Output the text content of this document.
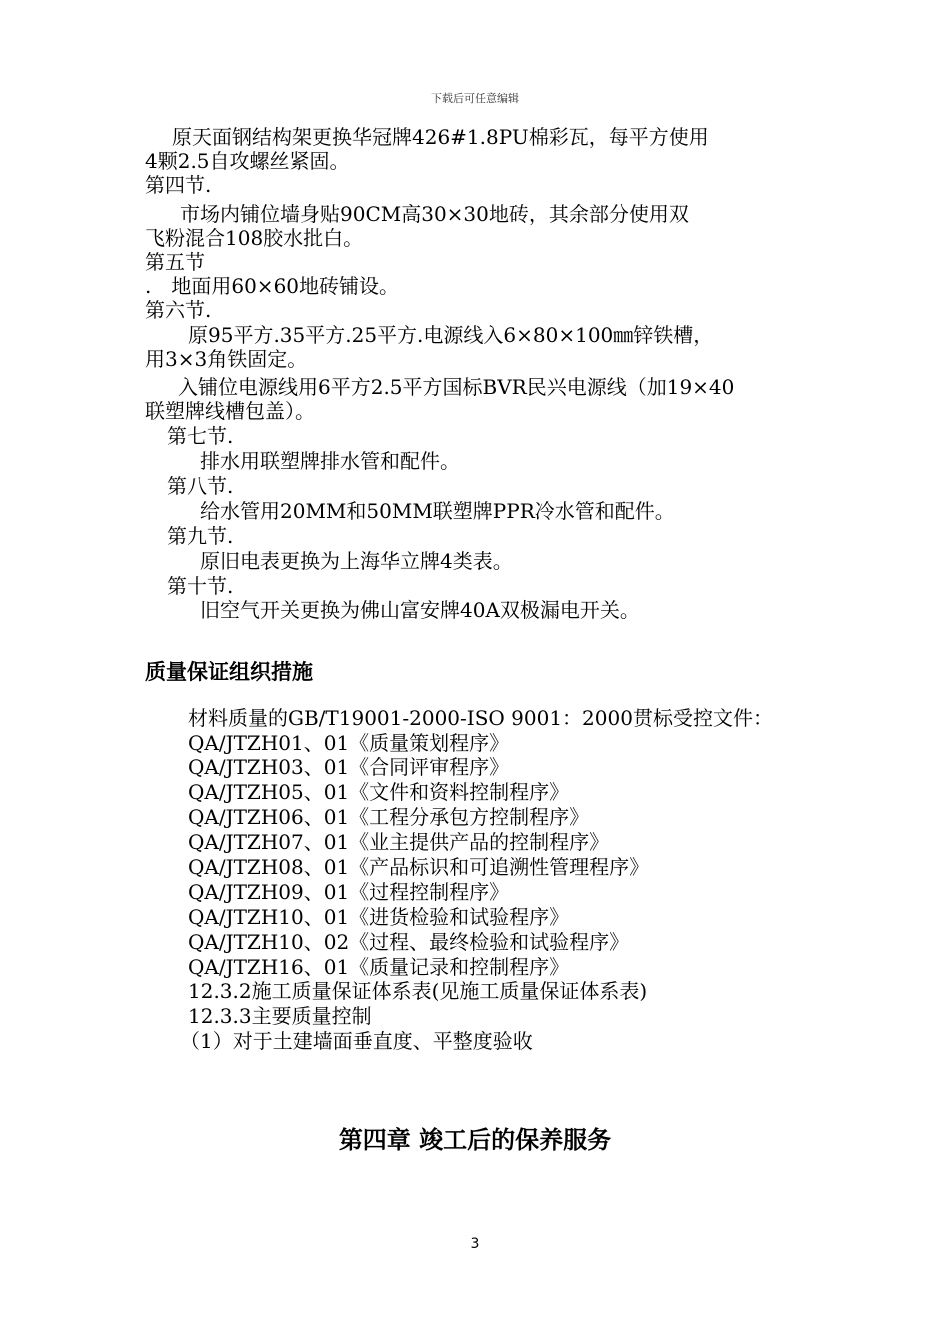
下载后可任意编辑
原天面钢结构架更换华冠牌426#1.8PU棉彩瓦，每平方使用
4颗2.5自攻螺丝紧固。
第四节.
市场内铺位墙身贴90CM高30×30地砖，其余部分使用双
飞粉混合108胶水批白。
第五节
.　地面用60×60地砖铺设。
第六节.
原95平方.35平方.25平方.电源线入6×80×100㎜锌铁槽，
用3×3角铁固定。
入铺位电源线用6平方2.5平方国标BVR民兴电源线（加19×40
联塑牌线槽包盖）。
第七节.
排水用联塑牌排水管和配件。
第八节.
给水管用20MM和50MM联塑牌PPR冷水管和配件。
第九节.
原旧电表更换为上海华立牌4类表。
第十节.
旧空气开关更换为佛山富安牌40A双极漏电开关。
质量保证组织措施
材料质量的GB/T19001-2000-ISO 9001：2000贯标受控文件：
QA/JTZH01、01《质量策划程序》
QA/JTZH03、01《合同评审程序》
QA/JTZH05、01《文件和资料控制程序》
QA/JTZH06、01《工程分承包方控制程序》
QA/JTZH07、01《业主提供产品的控制程序》
QA/JTZH08、01《产品标识和可追溯性管理程序》
QA/JTZH09、01《过程控制程序》
QA/JTZH10、01《进货检验和试验程序》
QA/JTZH10、02《过程、最终检验和试验程序》
QA/JTZH16、01《质量记录和控制程序》
12.3.2施工质量保证体系表(见施工质量保证体系表)
12.3.3主要质量控制
（1）对于土建墙面垂直度、平整度验收
第四章 竣工后的保养服务
3
